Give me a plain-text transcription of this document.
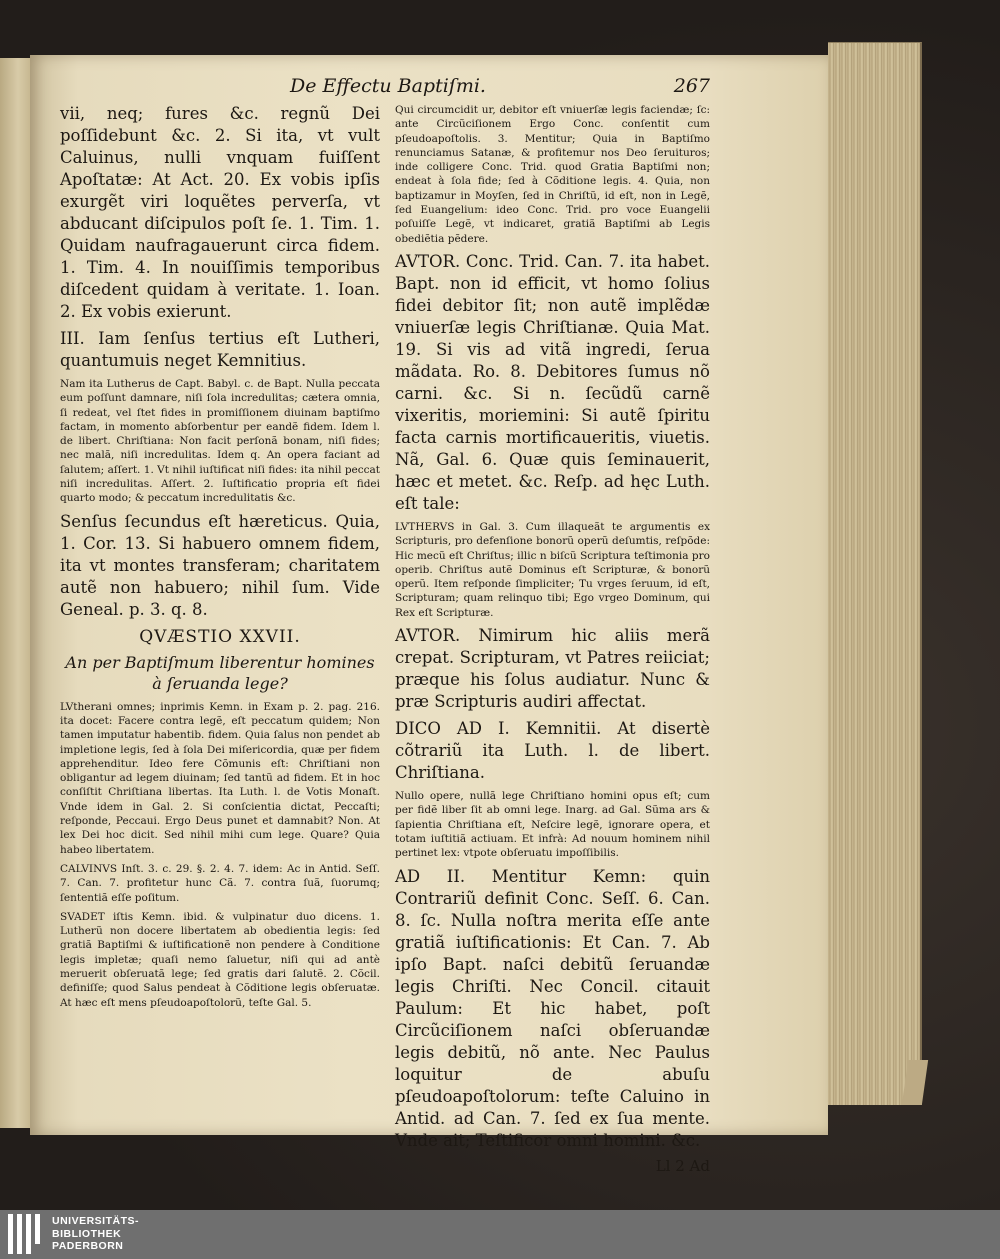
De Effectu Baptiſmi.	267

vii, neq; fures &c. regnũ Dei poſſidebunt &c. 2. Si ita, vt vult Caluinus, nulli vnquam fuiſſent Apoſtatæ: At Act. 20. Ex vobis ipſis exurgẽt viri loquẽtes perverſa, vt abducant diſcipulos poſt ſe. 1. Tim. 1. Quidam naufragauerunt circa fidem. 1. Tim. 4. In nouiſſimis temporibus diſcedent quidam à veritate. 1. Ioan. 2. Ex vobis exierunt.

III. Iam ſenſus tertius eſt Lutheri, quantumuis neget Kemnitius.

Nam ita Lutherus de Capt. Babyl. c. de Bapt. Nulla peccata eum poſſunt damnare, niſi ſola incredulitas; cætera omnia, ſi redeat, vel ſtet fides in promiſſionem diuinam baptiſmo factam, in momento abſorbentur per eandẽ fidem. Idem l. de libert. Chriſtiana: Non facit perſonã bonam, niſi fides; nec malã, niſi incredulitas. Idem q. An opera faciant ad ſalutem; aſſert. 1. Vt nihil iuſtificat niſi fides: ita nihil peccat niſi incredulitas. Aſſert. 2. Iuſtificatio propria eſt fidei quarto modo; & peccatum incredulitatis &c.

Senſus ſecundus eſt hæreticus. Quia, 1. Cor. 13. Si habuero omnem fidem, ita vt montes transferam; charitatem autẽ non habuero; nihil ſum. Vide Geneal. p. 3. q. 8.

QVÆSTIO XXVII.

An per Baptiſmum liberentur homines à ſeruanda lege?

LVtherani omnes; inprimis Kemn. in Exam p. 2. pag. 216. ita docet: Facere contra legẽ, eſt peccatum quidem; Non tamen imputatur habentib. fidem. Quia ſalus non pendet ab impletione legis, ſed à ſola Dei miſericordia, quæ per fidem apprehenditur. Ideo fere Cõmunis eſt: Chriſtiani non obligantur ad legem diuinam; ſed tantũ ad fidem. Et in hoc conſiſtit Chriſtiana libertas. Ita Luth. l. de Votis Monaſt. Vnde idem in Gal. 2. Si conſcientia dictat, Peccaſti; reſponde, Peccaui. Ergo Deus punet et damnabit? Non. At lex Dei hoc dicit. Sed nihil mihi cum lege. Quare? Quia habeo libertatem.

CALVINVS Inſt. 3. c. 29. §. 2. 4. 7. idem: Ac in Antid. Seſſ. 7. Can. 7. profitetur hunc Cã. 7. contra ſuã, ſuorumq; ſententiã eſſe poſitum.

SVADET iſtis Kemn. ibid. & vulpinatur duo dicens. 1. Lutherũ non docere libertatem ab obedientia legis: ſed gratiã Baptiſmi & iuſtificationẽ non pendere à Conditione legis impletæ; quaſi nemo ſaluetur, niſi qui ad antè meruerit obſeruatã lege; ſed gratis dari ſalutẽ. 2. Cõcil. definiſſe; quod Salus pendeat à Cõditione legis obſeruatæ. At hæc eſt mens pſeudoapoſtolorũ, teſte Gal. 5.

Qui circumcidit ur, debitor eſt vniuerſæ legis faciendæ; ſc: ante Circũciſionem Ergo Conc. conſentit cum pſeudoapoſtolis. 3. Mentitur; Quia in Baptiſmo renunciamus Satanæ, & profitemur nos Deo ſeruituros; inde colligere Conc. Trid. quod Gratia Baptiſmi non; endeat à ſola fide; ſed à Cõditione legis. 4. Quia, non baptizamur in Moyſen, ſed in Chriſtũ, id eſt, non in Legẽ, ſed Euangelium: ideo Conc. Trid. pro voce Euangelii poſuiſſe Legẽ, vt indicaret, gratiã Baptiſmi ab Legis obediẽtia pẽdere.

AVTOR. Conc. Trid. Can. 7. ita habet. Bapt. non id efficit, vt homo ſolius fidei debitor ſit; non autẽ implẽdæ vniuerſæ legis Chriſtianæ. Quia Mat. 19. Si vis ad vitã ingredi, ſerua mãdata. Ro. 8. Debitores ſumus nõ carni. &c. Si n. ſecũdũ carnẽ vixeritis, moriemini: Si autẽ ſpiritu facta carnis mortificaueritis, viuetis. Nã, Gal. 6. Quæ quis ſeminauerit, hæc et metet. &c. Reſp. ad hęc Luth. eſt tale:

LVTHERVS in Gal. 3. Cum illaqueãt te argumentis ex Scripturis, pro defenſione bonorũ operũ deſumtis, reſpõde: Hic mecũ eſt Chriſtus; illic n biſcũ Scriptura teſtimonia pro operib. Chriſtus autẽ Dominus eſt Scripturæ, & bonorũ operũ. Item reſponde ſimpliciter; Tu vrges ſeruum, id eſt, Scripturam; quam relinquo tibi; Ego vrgeo Dominum, qui Rex eſt Scripturæ.

AVTOR. Nimirum hic aliis merã crepat. Scripturam, vt Patres reiiciat; præque his ſolus audiatur. Nunc & præ Scripturis audiri affectat.

DICO AD I. Kemnitii. At disertè cõtrariũ ita Luth. l. de libert. Chriſtiana.

Nullo opere, nullã lege Chriſtiano homini opus eſt; cum per fidẽ liber ſit ab omni lege. Inarg. ad Gal. Sũma ars & ſapientia Chriſtiana eſt, Neſcire legẽ, ignorare opera, et totam iuſtitiã actiuam. Et infrà: Ad nouum hominem nihil pertinet lex: vtpote obſeruatu impoſſibilis.

AD II. Mentitur Kemn: quin Contrariũ definit Conc. Seſſ. 6. Can. 8. ſc. Nulla noſtra merita eſſe ante gratiã iuſtificationis: Et Can. 7. Ab ipſo Bapt. naſci debitũ ſeruandæ legis Chriſti. Nec Concil. citauit Paulum: Et hic habet, poſt Circũciſionem naſci obſeruandæ legis debitũ, nõ ante. Nec Paulus loquitur de abuſu pſeudoapoſtolorum: teſte Caluino in Antid. ad Can. 7. ſed ex ſua mente. Vnde ait; Teſtificor omni homini. &c.

Ll 2 Ad
UNIVERSITÄTS-
BIBLIOTHEK
PADERBORN
